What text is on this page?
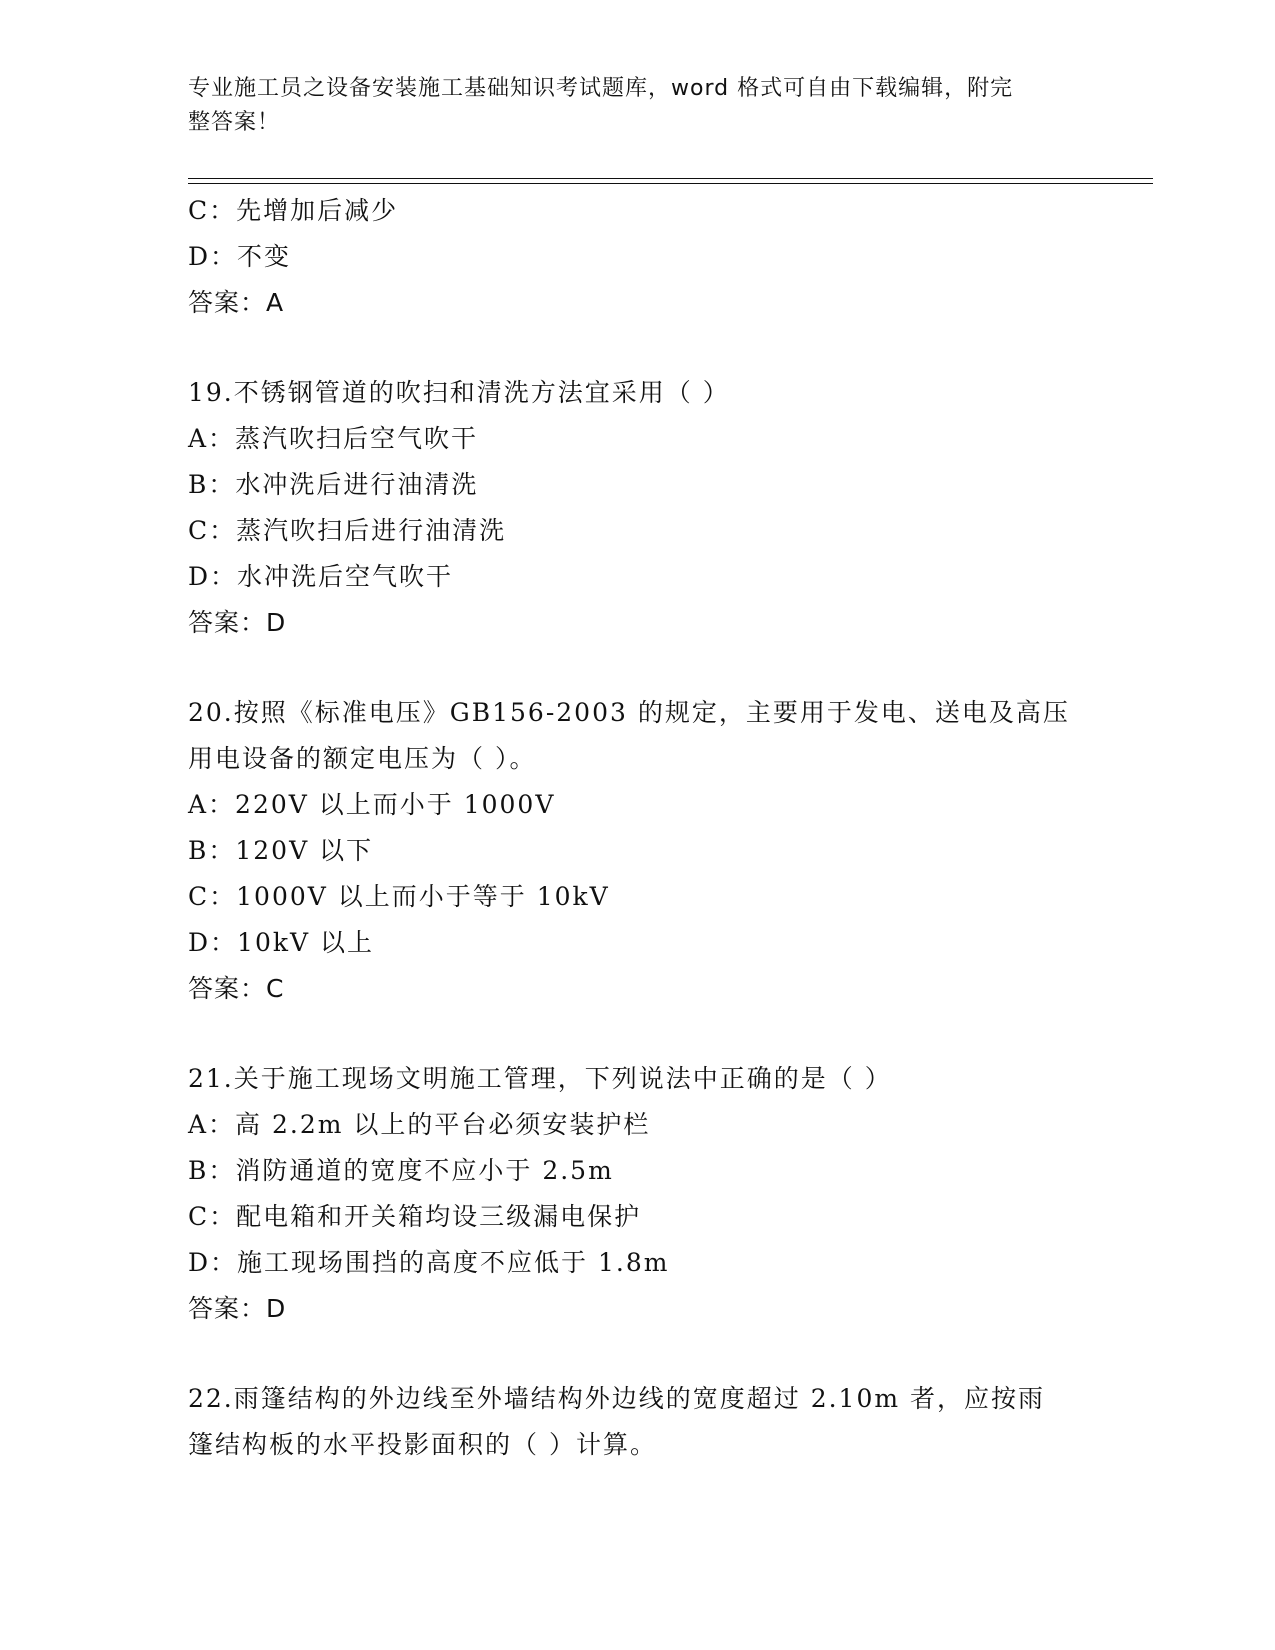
专业施工员之设备安装施工基础知识考试题库，word 格式可自由下载编辑，附完
整答案！
C：先增加后减少
D：不变
答案：A
19.不锈钢管道的吹扫和清洗方法宜采用（ ）
A：蒸汽吹扫后空气吹干
B：水冲洗后进行油清洗
C：蒸汽吹扫后进行油清洗
D：水冲洗后空气吹干
答案：D
20.按照《标准电压》GB156-2003 的规定，主要用于发电、送电及高压
用电设备的额定电压为（ ）。
A：220V 以上而小于 1000V
B：120V 以下
C：1000V 以上而小于等于 10kV
D：10kV 以上
答案：C
21.关于施工现场文明施工管理，下列说法中正确的是（ ）
A：高 2.2m 以上的平台必须安装护栏
B：消防通道的宽度不应小于 2.5m
C：配电箱和开关箱均设三级漏电保护
D：施工现场围挡的高度不应低于 1.8m
答案：D
22.雨篷结构的外边线至外墙结构外边线的宽度超过 2.10m 者，应按雨
篷结构板的水平投影面积的（ ）计算。
